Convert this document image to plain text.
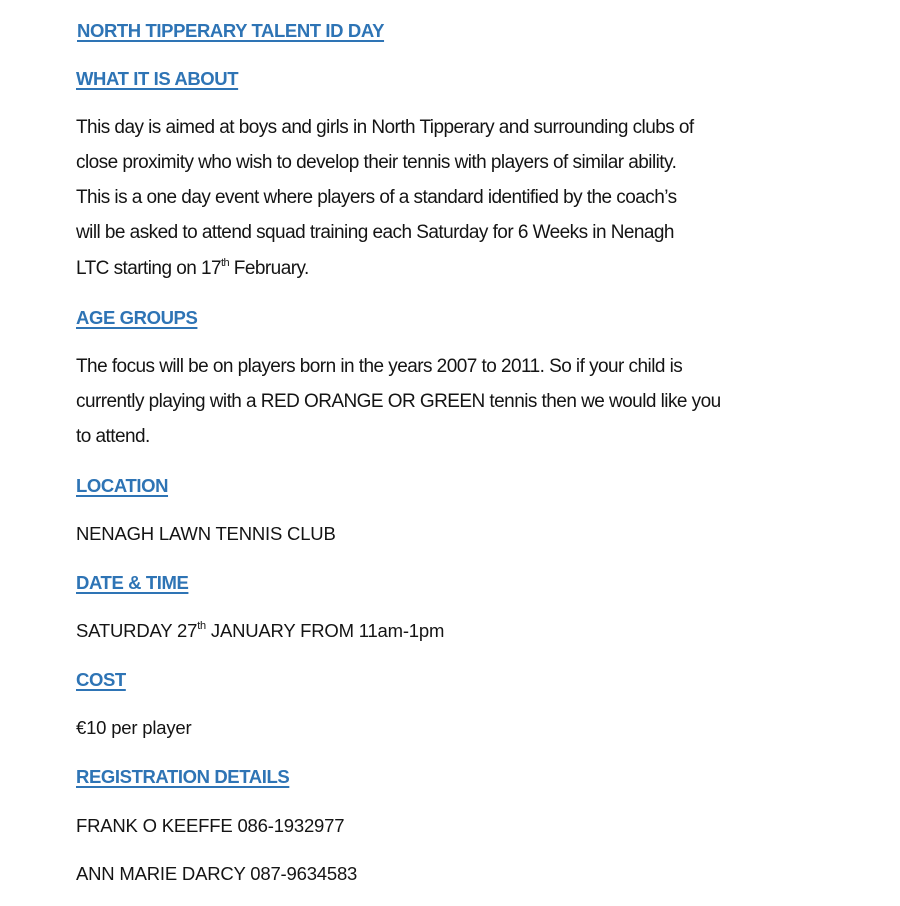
NORTH TIPPERARY TALENT ID DAY
WHAT IT IS ABOUT
This day is aimed at boys and girls in North Tipperary and surrounding clubs of
close proximity who wish to develop their tennis with players of similar ability.
This is a one day event where players of a standard identified by the coach’s
will be asked to attend squad training each Saturday for 6 Weeks in Nenagh
LTC starting on 17th February.
AGE GROUPS
The focus will be on players born in the years 2007 to 2011. So if your child is
currently playing with a RED ORANGE OR GREEN tennis then we would like you
to attend.
LOCATION
NENAGH LAWN TENNIS CLUB
DATE & TIME
SATURDAY 27th JANUARY FROM 11am-1pm
COST
€10 per player
REGISTRATION DETAILS
FRANK O KEEFFE 086-1932977
ANN MARIE DARCY 087-9634583
